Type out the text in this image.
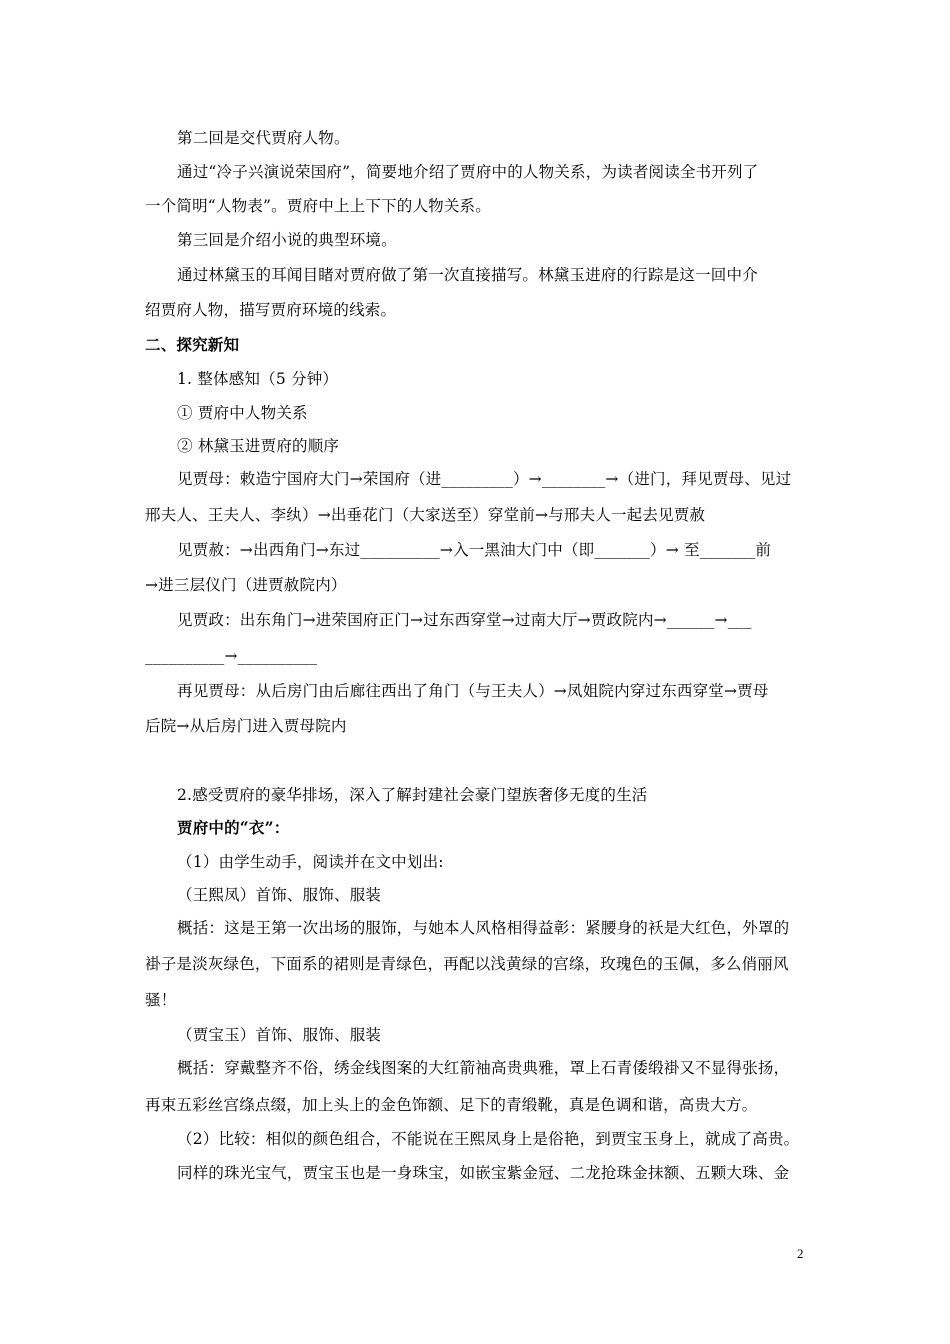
第二回是交代贾府人物。
通过“冷子兴演说荣国府”，简要地介绍了贾府中的人物关系，为读者阅读全书开列了
一个简明“人物表”。贾府中上上下下的人物关系。
第三回是介绍小说的典型环境。
通过林黛玉的耳闻目睹对贾府做了第一次直接描写。林黛玉进府的行踪是这一回中介
绍贾府人物，描写贾府环境的线索。
二、探究新知
1. 整体感知（5 分钟）
① 贾府中人物关系
② 林黛玉进贾府的顺序
见贾母：敕造宁国府大门→荣国府（进_________）→________→（进门，拜见贾母、见过
邢夫人、王夫人、李纨）→出垂花门（大家送至）穿堂前→与邢夫人一起去见贾赦
见贾赦：→出西角门→东过__________→入一黑油大门中（即_______）→ 至_______前
→进三层仪门（进贾赦院内）
见贾政：出东角门→进荣国府正门→过东西穿堂→过南大厅→贾政院内→______→___
__________→__________
再见贾母：从后房门由后廊往西出了角门（与王夫人）→凤姐院内穿过东西穿堂→贾母
后院→从后房门进入贾母院内
2.感受贾府的豪华排场，深入了解封建社会豪门望族奢侈无度的生活
贾府中的“衣”：
（1）由学生动手，阅读并在文中划出:
（王熙凤）首饰、服饰、服装
概括：这是王第一次出场的服饰，与她本人风格相得益彰：紧腰身的袄是大红色，外罩的
褂子是淡灰绿色，下面系的裙则是青绿色，再配以浅黄绿的宫绦，玫瑰色的玉佩，多么俏丽风
骚！
（贾宝玉）首饰、服饰、服装
概括：穿戴整齐不俗，绣金线图案的大红箭袖高贵典雅，罩上石青倭缎褂又不显得张扬，
再束五彩丝宫绦点缀，加上头上的金色饰额、足下的青缎靴，真是色调和谐，高贵大方。
（2）比较：相似的颜色组合，不能说在王熙凤身上是俗艳，到贾宝玉身上，就成了高贵。
同样的珠光宝气，贾宝玉也是一身珠宝，如嵌宝紫金冠、二龙抢珠金抹额、五颗大珠、金
2
